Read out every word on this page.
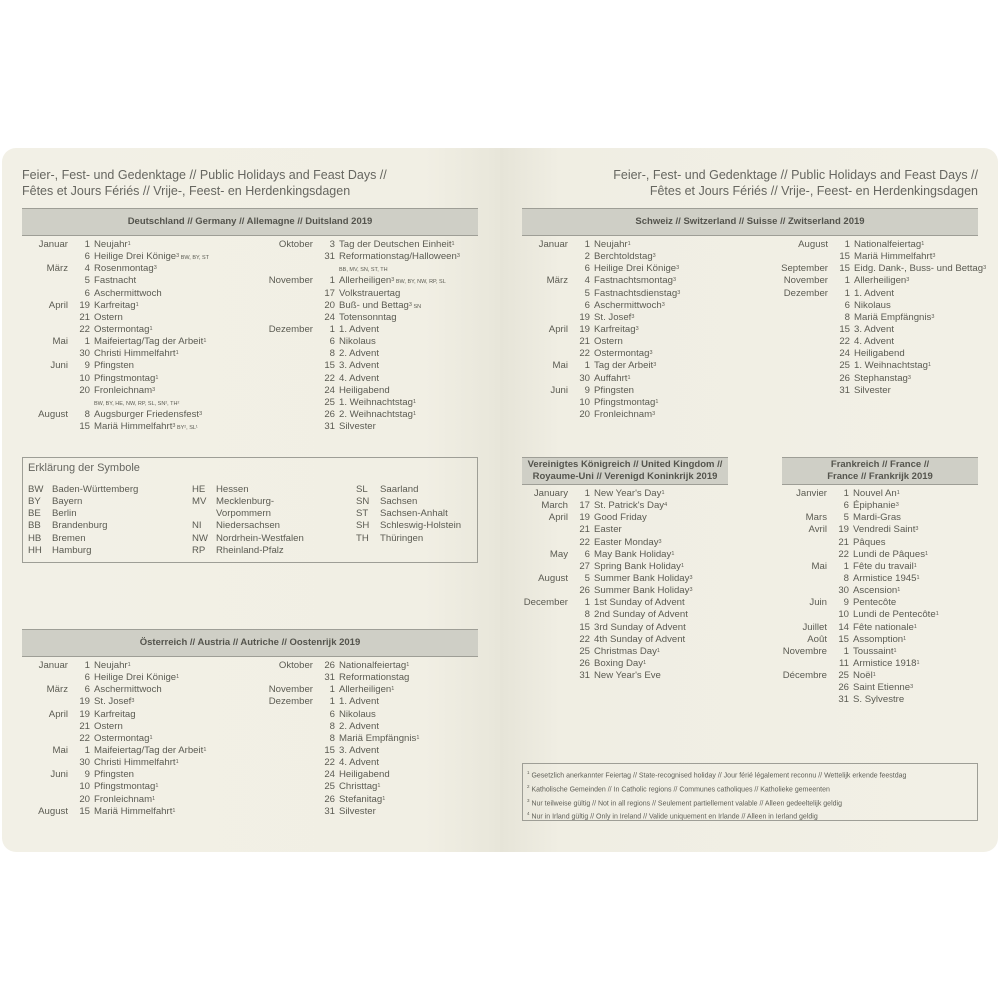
Feier-, Fest- und Gedenktage // Public Holidays and Feast Days //
Fêtes et Jours Fériés // Vrije-, Feest- en Herdenkingsdagen
Feier-, Fest- und Gedenktage // Public Holidays and Feast Days //
Fêtes et Jours Fériés // Vrije-, Feest- en Herdenkingsdagen
Deutschland // Germany // Allemagne // Duitsland 2019
Januar	1 Neujahr$^1$
6 Heilige Drei Könige$^3$ BW, BY, ST
März	4 Rosenmontag$^3$
5 Fastnacht
6 Aschermittwoch
April	19 Karfreitag$^1$
21 Ostern
22 Ostermontag$^1$
Mai	1 Maifeiertag/Tag der Arbeit$^1$
30 Christi Himmelfahrt$^1$
Juni	9 Pfingsten
10 Pfingstmontag$^1$
20 Fronleichnam$^3$
BW, BY, HE, NW, RP, SL, SN², TH²
August	8 Augsburger Friedensfest$^3$
15 Mariä Himmelfahrt$^3$ BY², SL¹
Oktober	3 Tag der Deutschen Einheit$^1$
31 Reformationstag/Halloween$^3$
BB, MV, SN, ST, TH
November	1 Allerheiligen$^3$ BW, BY, NW, RP, SL
17 Volkstrauertag
20 Buß- und Bettag$^3$ SN
24 Totensonntag
Dezember	1 1. Advent
6 Nikolaus
8 2. Advent
15 3. Advent
22 4. Advent
24 Heiligabend
25 1. Weihnachtstag$^1$
26 2. Weihnachtstag$^1$
31 Silvester
Erklärung der Symbole
BW Baden-Württemberg
BY Bayern
BE Berlin
BB Brandenburg
HB Bremen
HH Hamburg
HE Hessen
MV Mecklenburg-
Vorpommern
NI Niedersachsen
NW Nordrhein-Westfalen
RP Rheinland-Pfalz
SL Saarland
SN Sachsen
ST Sachsen-Anhalt
SH Schleswig-Holstein
TH Thüringen
Österreich // Austria // Autriche // Oostenrijk 2019
Januar	1 Neujahr$^1$
6 Heilige Drei Könige$^1$
März	6 Aschermittwoch
19 St. Josef$^3$
April	19 Karfreitag
21 Ostern
22 Ostermontag$^1$
Mai	1 Maifeiertag/Tag der Arbeit$^1$
30 Christi Himmelfahrt$^1$
Juni	9 Pfingsten
10 Pfingstmontag$^1$
20 Fronleichnam$^1$
August	15 Mariä Himmelfahrt$^1$
Oktober	26 Nationalfeiertag$^1$
31 Reformationstag
November	1 Allerheiligen$^1$
Dezember	1 1. Advent
6 Nikolaus
8 2. Advent
8 Mariä Empfängnis$^1$
15 3. Advent
22 4. Advent
24 Heiligabend
25 Christtag$^1$
26 Stefanitag$^1$
31 Silvester
Schweiz // Switzerland // Suisse // Zwitserland 2019
Januar	1 Neujahr$^1$
2 Berchtoldstag$^3$
6 Heilige Drei Könige$^3$
März	4 Fastnachtsmontag$^3$
5 Fastnachtsdienstag$^3$
6 Aschermittwoch$^3$
19 St. Josef$^3$
April	19 Karfreitag$^3$
21 Ostern
22 Ostermontag$^3$
Mai	1 Tag der Arbeit$^3$
30 Auffahrt$^1$
Juni	9 Pfingsten
10 Pfingstmontag$^1$
20 Fronleichnam$^3$
August	1 Nationalfeiertag$^1$
15 Mariä Himmelfahrt$^3$
September	15 Eidg. Dank-, Buss- und Bettag$^3$
November	1 Allerheiligen$^3$
Dezember	1 1. Advent
6 Nikolaus
8 Mariä Empfängnis$^3$
15 3. Advent
22 4. Advent
24 Heiligabend
25 1. Weihnachtstag$^1$
26 Stephanstag$^3$
31 Silvester
Vereinigtes Königreich // United Kingdom //
Royaume-Uni // Verenigd Koninkrijk 2019
January	1 New Year's Day$^1$
March	17 St. Patrick's Day$^4$
April	19 Good Friday
21 Easter
22 Easter Monday$^3$
May	6 May Bank Holiday$^1$
27 Spring Bank Holiday$^1$
August	5 Summer Bank Holiday$^3$
26 Summer Bank Holiday$^3$
December	1 1st Sunday of Advent
8 2nd Sunday of Advent
15 3rd Sunday of Advent
22 4th Sunday of Advent
25 Christmas Day$^1$
26 Boxing Day$^1$
31 New Year's Eve
Frankreich // France //
France // Frankrijk 2019
Janvier	1 Nouvel An$^1$
6 Épiphanie$^3$
Mars	5 Mardi-Gras
Avril	19 Vendredi Saint$^3$
21 Pâques
22 Lundi de Pâques$^1$
Mai	1 Fête du travail$^1$
8 Armistice 1945$^1$
30 Ascension$^1$
Juin	9 Pentecôte
10 Lundi de Pentecôte$^1$
Juillet	14 Fête nationale$^1$
Août	15 Assomption$^1$
Novembre	1 Toussaint$^1$
11 Armistice 1918$^1$
Décembre	25 Noël$^1$
26 Saint Etienne$^3$
31 S. Sylvestre
$^1$ Gesetzlich anerkannter Feiertag // State-recognised holiday // Jour férié légalement reconnu // Wettelijk erkende feestdag
$^2$ Katholische Gemeinden // In Catholic regions // Communes catholiques // Katholieke gemeenten
$^3$ Nur teilweise gültig // Not in all regions // Seulement partiellement valable // Alleen gedeeltelijk geldig
$^4$ Nur in Irland gültig // Only in Ireland // Valide uniquement en Irlande // Alleen in Ierland geldig
